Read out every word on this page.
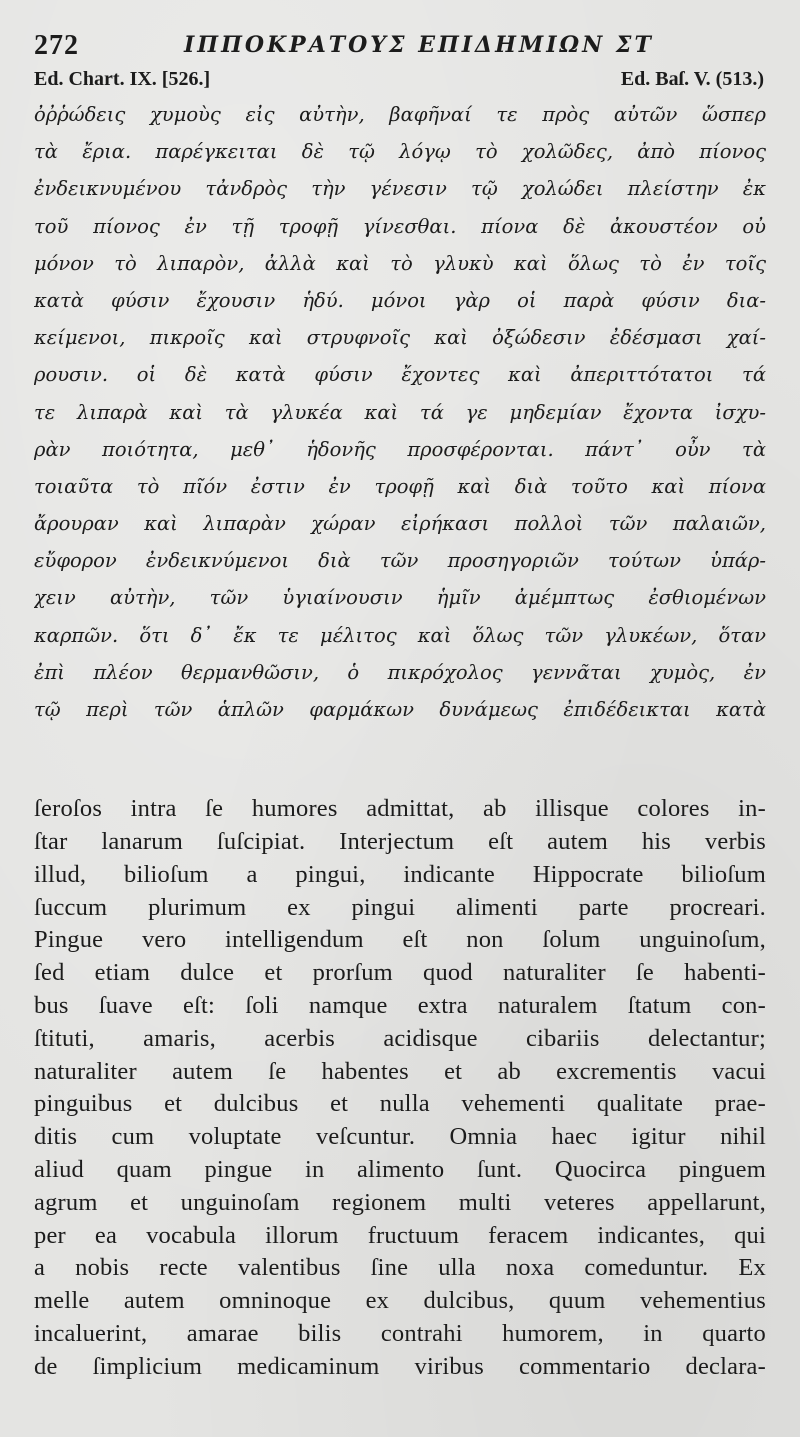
272	ΙΠΠΟΚΡΑΤΟΥΣ ΕΠΙΔΗΜΙΩΝ ΣΤ
Ed. Chart. IX. [526.]	Ed. Baſ. V. (513.)
ὀῤῥώδεις χυμοὺς εἰς αὐτὴν, βαφῆναί τε πρὸς αὐτῶν ὥσπερ
τὰ ἔρια. παρέγκειται δὲ τῷ λόγῳ τὸ χολῶδες, ἀπὸ πίονος
ἐνδεικνυμένου τἀνδρὸς τὴν γένεσιν τῷ χολώδει πλείστην ἐκ
τοῦ πίονος ἐν τῇ τροφῇ γίνεσθαι. πίονα δὲ ἀκουστέον οὐ
μόνον τὸ λιπαρὸν, ἀλλὰ καὶ τὸ γλυκὺ καὶ ὅλως τὸ ἐν τοῖς
κατὰ φύσιν ἔχουσιν ἡδύ. μόνοι γὰρ οἱ παρὰ φύσιν δια-
κείμενοι, πικροῖς καὶ στρυφνοῖς καὶ ὀξώδεσιν ἐδέσμασι χαί-
ρουσιν. οἱ δὲ κατὰ φύσιν ἔχοντες καὶ ἀπεριττότατοι τά
τε λιπαρὰ καὶ τὰ γλυκέα καὶ τά γε μηδεμίαν ἔχοντα ἰσχυ-
ρὰν ποιότητα, μεθ᾽ ἡδονῆς προσφέρονται. πάντ᾽ οὖν τὰ
τοιαῦτα τὸ πῖόν ἐστιν ἐν τροφῇ καὶ διὰ τοῦτο καὶ πίονα
ἄρουραν καὶ λιπαρὰν χώραν εἰρήκασι πολλοὶ τῶν παλαιῶν,
εὔφορον ἐνδεικνύμενοι διὰ τῶν προσηγοριῶν τούτων ὑπάρ-
χειν αὐτὴν, τῶν ὑγιαίνουσιν ἡμῖν ἀμέμπτως ἐσθιομένων
καρπῶν. ὅτι δ᾽ ἔκ τε μέλιτος καὶ ὅλως τῶν γλυκέων, ὅταν
ἐπὶ πλέον θερμανθῶσιν, ὁ πικρόχολος γεννᾶται χυμὸς, ἐν
τῷ περὶ τῶν ἁπλῶν φαρμάκων δυνάμεως ἐπιδέδεικται κατὰ
ſeroſos intra ſe humores admittat, ab illisque colores in-
ſtar lanarum ſuſcipiat. Interjectum eſt autem his verbis
illud, bilioſum a pingui, indicante Hippocrate bilioſum
ſuccum plurimum ex pingui alimenti parte procreari.
Pingue vero intelligendum eſt non ſolum unguinoſum,
ſed etiam dulce et prorſum quod naturaliter ſe habenti-
bus ſuave eſt: ſoli namque extra naturalem ſtatum con-
ſtituti, amaris, acerbis acidisque cibariis delectantur;
naturaliter autem ſe habentes et ab excrementis vacui
pinguibus et dulcibus et nulla vehementi qualitate prae-
ditis cum voluptate veſcuntur. Omnia haec igitur nihil
aliud quam pingue in alimento ſunt. Quocirca pinguem
agrum et unguinoſam regionem multi veteres appellarunt,
per ea vocabula illorum fructuum feracem indicantes, qui
a nobis recte valentibus ſine ulla noxa comeduntur. Ex
melle autem omninoque ex dulcibus, quum vehementius
incaluerint, amarae bilis contrahi humorem, in quarto
de ſimplicium medicaminum viribus commentario declara-
